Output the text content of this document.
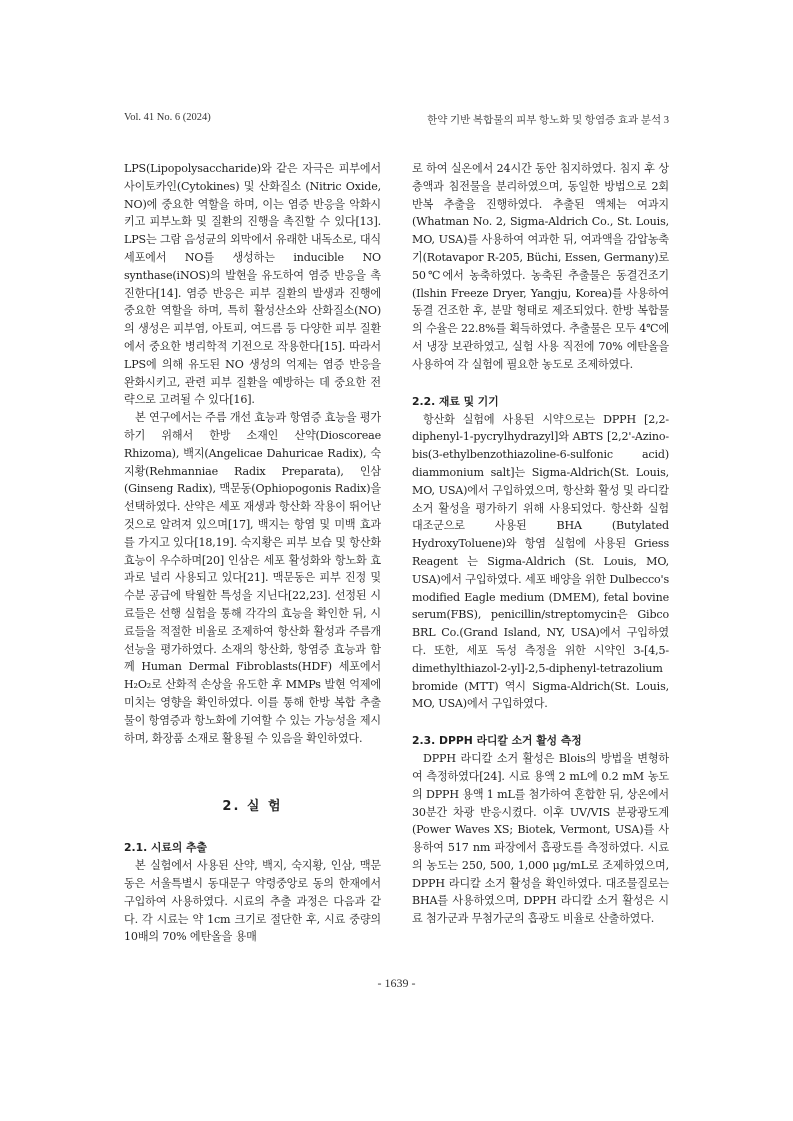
Vol. 41 No. 6 (2024)	한약 기반 복합물의 피부 항노화 및 항염증 효과 분석 3

LPS(Lipopolysaccharide)와 같은 자극은 피부에서 사이토카인(Cytokines) 및 산화질소 (Nitric Oxide, NO)에 중요한 역할을 하며, 이는 염증 반응을 악화시키고 피부노화 및 질환의 진행을 촉진할 수 있다[13]. LPS는 그람 음성균의 외막에서 유래한 내독소로, 대식세포에서 NO를 생성하는 inducible NO synthase(iNOS)의 발현을 유도하여 염증 반응을 촉진한다[14]. 염증 반응은 피부 질환의 발생과 진행에 중요한 역할을 하며, 특히 활성산소와 산화질소(NO)의 생성은 피부염, 아토피, 여드름 등 다양한 피부 질환에서 중요한 병리학적 기전으로 작용한다[15]. 따라서 LPS에 의해 유도된 NO 생성의 억제는 염증 반응을 완화시키고, 관련 피부 질환을 예방하는 데 중요한 전략으로 고려될 수 있다[16].

본 연구에서는 주름 개선 효능과 항염증 효능을 평가하기 위해서 한방 소재인 산약(Dioscoreae Rhizoma), 백지(Angelicae Dahuricae Radix), 숙지황(Rehmanniae Radix Preparata), 인삼(Ginseng Radix), 맥문동(Ophiopogonis Radix)을 선택하였다. 산약은 세포 재생과 항산화 작용이 뛰어난 것으로 알려져 있으며[17], 백지는 항염 및 미백 효과를 가지고 있다[18,19]. 숙지황은 피부 보습 및 항산화 효능이 우수하며[20] 인삼은 세포 활성화와 항노화 효과로 널리 사용되고 있다[21]. 맥문동은 피부 진정 및 수분 공급에 탁월한 특성을 지닌다[22,23]. 선정된 시료들은 선행 실험을 통해 각각의 효능을 확인한 뒤, 시료들을 적절한 비율로 조제하여 항산화 활성과 주름개선능을 평가하였다. 소재의 항산화, 항염증 효능과 함께 Human Dermal Fibroblasts(HDF) 세포에서 H₂O₂로 산화적 손상을 유도한 후 MMPs 발현 억제에 미치는 영향을 확인하였다. 이를 통해 한방 복합 추출물이 항염증과 항노화에 기여할 수 있는 가능성을 제시하며, 화장품 소재로 활용될 수 있음을 확인하였다.

2. 실 험
2.1. 시료의 추출

본 실험에서 사용된 산약, 백지, 숙지황, 인삼, 맥문동은 서울특별시 동대문구 약령중앙로 동의 한재에서 구입하여 사용하였다. 시료의 추출 과정은 다음과 같다. 각 시료는 약 1cm 크기로 절단한 후, 시료 중량의 10배의 70% 에탄올을 용매

로 하여 실온에서 24시간 동안 침지하였다. 침지 후 상층액과 침전물을 분리하였으며, 동일한 방법으로 2회 반복 추출을 진행하였다. 추출된 액체는 여과지(Whatman No. 2, Sigma-Aldrich Co., St. Louis, MO, USA)를 사용하여 여과한 뒤, 여과액을 감압농축기(Rotavapor R-205, Büchi, Essen, Germany)로 50℃에서 농축하였다. 농축된 추출물은 동결건조기(Ilshin Freeze Dryer, Yangju, Korea)를 사용하여 동결 건조한 후, 분말 형태로 제조되었다. 한방 복합물의 수율은 22.8%를 획득하였다. 추출물은 모두 4℃에서 냉장 보관하였고, 실험 사용 직전에 70% 에탄올을 사용하여 각 실험에 필요한 농도로 조제하였다.

2.2. 재료 및 기기

항산화 실험에 사용된 시약으로는 DPPH [2,2-diphenyl-1-pycrylhydrazyl]와 ABTS [2,2'-Azino-bis(3-ethylbenzothiazoline-6-sulfonic acid) diammonium salt]는 Sigma-Aldrich(St. Louis, MO, USA)에서 구입하였으며, 항산화 활성 및 라디칼 소거 활성을 평가하기 위해 사용되었다. 항산화 실험 대조군으로 사용된 BHA (Butylated HydroxyToluene)와 항염 실험에 사용된 Griess Reagent 는 Sigma-Aldrich (St. Louis, MO, USA)에서 구입하였다. 세포 배양을 위한 Dulbecco's modified Eagle medium (DMEM), fetal bovine serum(FBS), penicillin/streptomycin은 Gibco BRL Co.(Grand Island, NY, USA)에서 구입하였다. 또한, 세포 독성 측정을 위한 시약인 3-[4,5-dimethylthiazol-2-yl]-2,5-diphenyl-tetrazolium bromide (MTT) 역시 Sigma-Aldrich(St. Louis, MO, USA)에서 구입하였다.

2.3. DPPH 라디칼 소거 활성 측정

DPPH 라디칼 소거 활성은 Blois의 방법을 변형하여 측정하였다[24]. 시료 용액 2 mL에 0.2 mM 농도의 DPPH 용액 1 mL를 첨가하여 혼합한 뒤, 상온에서 30분간 차광 반응시켰다. 이후 UV/VIS 분광광도계(Power Waves XS; Biotek, Vermont, USA)를 사용하여 517 nm 파장에서 흡광도를 측정하였다. 시료의 농도는 250, 500, 1,000 μg/mL로 조제하였으며, DPPH 라디칼 소거 활성을 확인하였다. 대조물질로는 BHA를 사용하였으며, DPPH 라디칼 소거 활성은 시료 첨가군과 무첨가군의 흡광도 비율로 산출하였다.

- 1639 -
